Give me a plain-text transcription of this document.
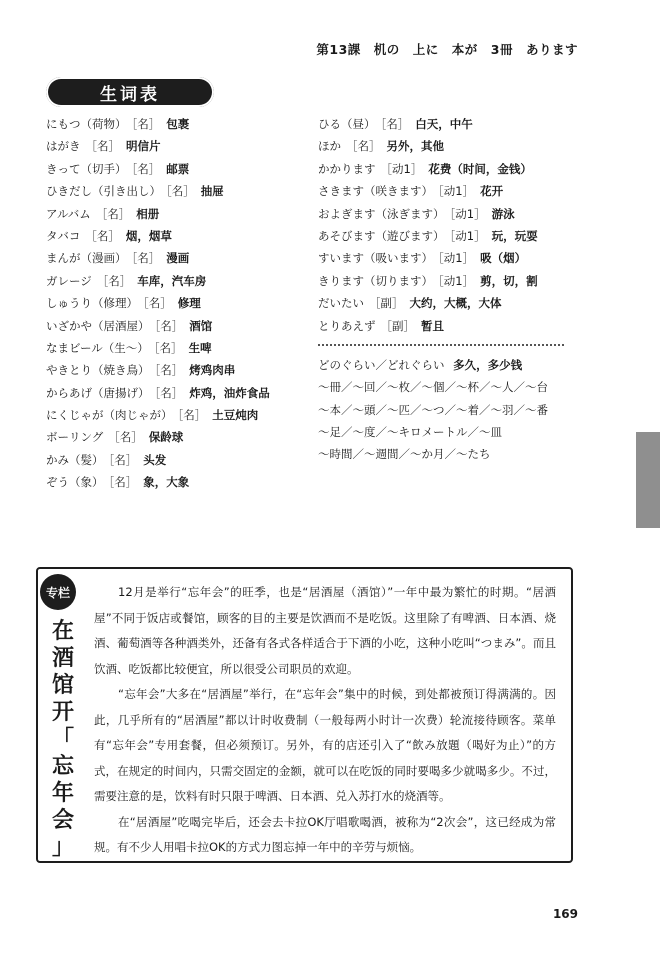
第13課　机の　上に　本が　3冊　あります
生词表
にもつ（荷物） ［名］ 包裹
はがき ［名］ 明信片
きって（切手） ［名］ 邮票
ひきだし（引き出し） ［名］ 抽屉
アルバム ［名］ 相册
タバコ ［名］ 烟，烟草
まんが（漫画） ［名］ 漫画
ガレージ ［名］ 车库，汽车房
しゅうり（修理） ［名］ 修理
いざかや（居酒屋） ［名］ 酒馆
なまビール（生～） ［名］ 生啤
やきとり（焼き鳥） ［名］ 烤鸡肉串
からあげ（唐揚げ） ［名］ 炸鸡，油炸食品
にくじゃが（肉じゃが） ［名］ 土豆炖肉
ボーリング ［名］ 保龄球
かみ（髪） ［名］ 头发
ぞう（象） ［名］ 象，大象
ひる（昼） ［名］ 白天，中午
ほか ［名］ 另外，其他
かかります ［动1］ 花费（时间，金钱）
さきます（咲きます） ［动1］ 花开
およぎます（泳ぎます） ［动1］ 游泳
あそびます（遊びます） ［动1］ 玩，玩耍
すいます（吸います） ［动1］ 吸（烟）
きります（切ります） ［动1］ 剪，切，割
だいたい ［副］ 大约，大概，大体
とりあえず ［副］ 暂且
どのぐらい／どれぐらい 多久，多少钱
～冊／～回／～枚／～個／～杯／～人／～台
～本／～頭／～匹／～つ／～着／～羽／～番
～足／～度／～キロメートル／～皿
～時間／～週間／～か月／～たち
专栏
在
酒
馆
开
「
忘
年
会
」

12月是举行“忘年会”的旺季，也是“居酒屋（酒馆）”一年中最为繁忙的时期。“居酒屋”不同于饭店或餐馆，顾客的目的主要是饮酒而不是吃饭。这里除了有啤酒、日本酒、烧酒、葡萄酒等各种酒类外，还备有各式各样适合于下酒的小吃，这种小吃叫“つまみ”。而且饮酒、吃饭都比较便宜，所以很受公司职员的欢迎。

“忘年会”大多在“居酒屋”举行，在“忘年会”集中的时候，到处都被预订得满满的。因此，几乎所有的“居酒屋”都以计时收费制（一般每两小时计一次费）轮流接待顾客。菜单有“忘年会”专用套餐，但必须预订。另外，有的店还引入了“飲み放題（喝好为止）”的方式，在规定的时间内，只需交固定的金额，就可以在吃饭的同时要喝多少就喝多少。不过，需要注意的是，饮料有时只限于啤酒、日本酒、兑入苏打水的烧酒等。

在“居酒屋”吃喝完毕后，还会去卡拉OK厅唱歌喝酒，被称为“2次会”，这已经成为常规。有不少人用唱卡拉OK的方式力图忘掉一年中的辛劳与烦恼。

169
